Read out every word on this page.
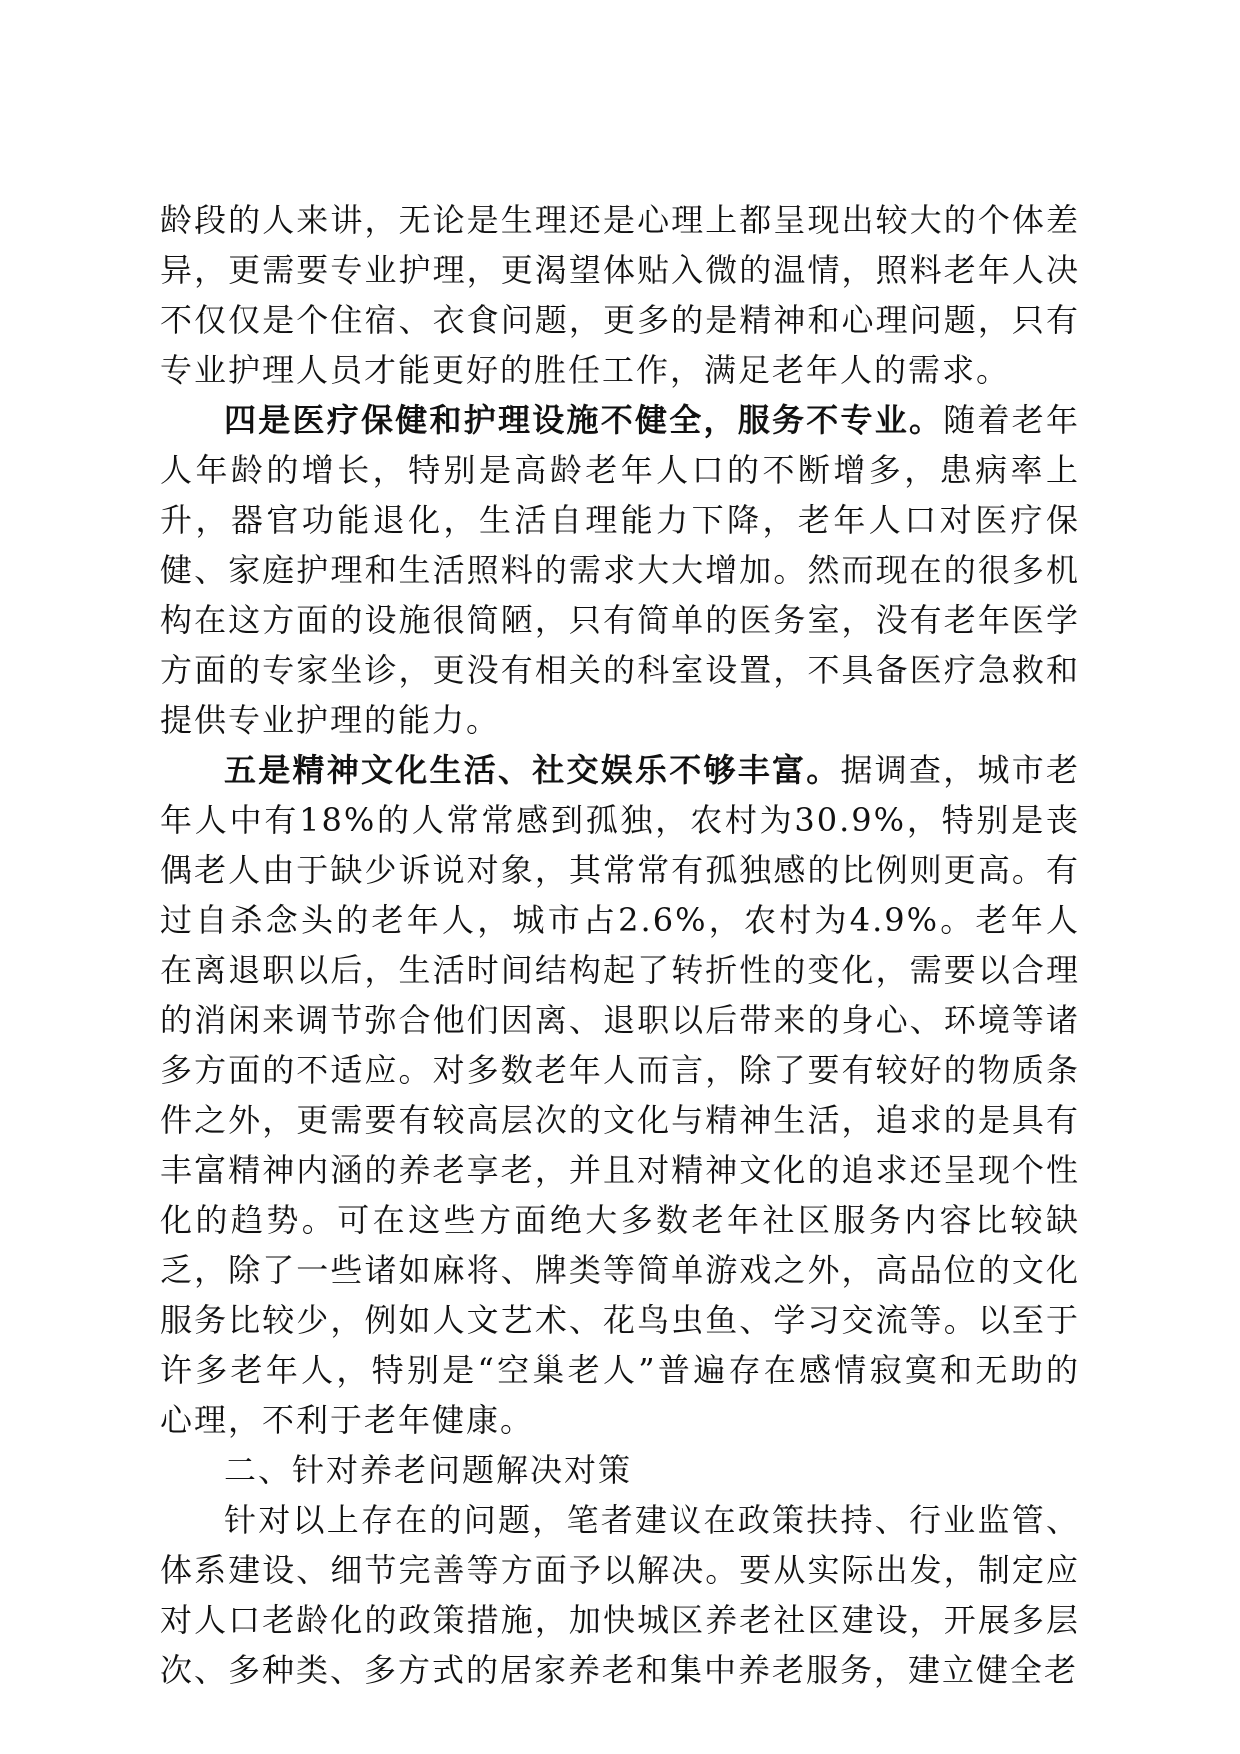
龄段的人来讲，无论是生理还是心理上都呈现出较大的个体差异，更需要专业护理，更渴望体贴入微的温情，照料老年人决不仅仅是个住宿、衣食问题，更多的是精神和心理问题，只有专业护理人员才能更好的胜任工作，满足老年人的需求。

四是医疗保健和护理设施不健全，服务不专业。随着老年人年龄的增长，特别是高龄老年人口的不断增多，患病率上升，器官功能退化，生活自理能力下降，老年人口对医疗保健、家庭护理和生活照料的需求大大增加。然而现在的很多机构在这方面的设施很简陋，只有简单的医务室，没有老年医学方面的专家坐诊，更没有相关的科室设置，不具备医疗急救和提供专业护理的能力。

五是精神文化生活、社交娱乐不够丰富。据调查，城市老年人中有18%的人常常感到孤独，农村为30.9%，特别是丧偶老人由于缺少诉说对象，其常常有孤独感的比例则更高。有过自杀念头的老年人，城市占2.6%，农村为4.9%。老年人在离退职以后，生活时间结构起了转折性的变化，需要以合理的消闲来调节弥合他们因离、退职以后带来的身心、环境等诸多方面的不适应。对多数老年人而言，除了要有较好的物质条件之外，更需要有较高层次的文化与精神生活，追求的是具有丰富精神内涵的养老享老，并且对精神文化的追求还呈现个性化的趋势。可在这些方面绝大多数老年社区服务内容比较缺乏，除了一些诸如麻将、牌类等简单游戏之外，高品位的文化服务比较少，例如人文艺术、花鸟虫鱼、学习交流等。以至于许多老年人，特别是“空巢老人”普遍存在感情寂寞和无助的心理，不利于老年健康。

二、针对养老问题解决对策

针对以上存在的问题，笔者建议在政策扶持、行业监管、体系建设、细节完善等方面予以解决。要从实际出发，制定应对人口老龄化的政策措施，加快城区养老社区建设，开展多层次、多种类、多方式的居家养老和集中养老服务，建立健全老
